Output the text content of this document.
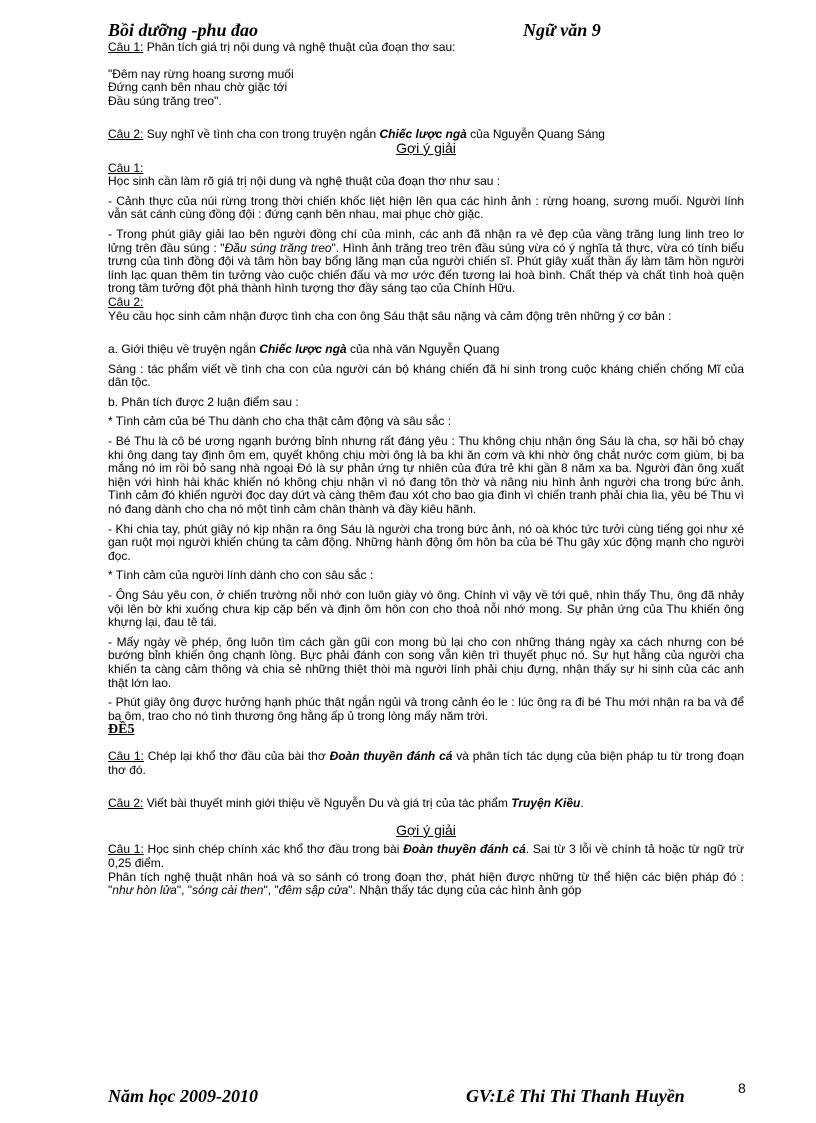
Bồi dưỡng -phu đao	Ngữ văn 9

Câu 1: Phân tích giá trị nội dung và nghệ thuật của đoạn thơ sau:

"Đêm nay rừng hoang sương muối

Đứng cạnh bên nhau chờ giặc tới

Đầu súng trăng treo".

Câu 2: Suy nghĩ về tình cha con trong truyện ngắn Chiếc lược ngà của Nguyễn Quang Sáng

Gợi ý giải

Câu 1:

Học sinh cần làm rõ giá trị nội dung và nghệ thuật của đoạn thơ như sau :

- Cảnh thực của núi rừng trong thời chiến khốc liệt hiện lên qua các hình ảnh : rừng hoang, sương muối. Người lính vẫn sát cánh cùng đồng đội : đứng cạnh bên nhau, mai phục chờ giặc.

- Trong phút giây giải lao bên người đồng chí của mình, các anh đã nhận ra vẻ đẹp của vầng trăng lung linh treo lơ lửng trên đầu súng : "Đầu súng trăng treo". Hình ảnh trăng treo trên đầu súng vừa có ý nghĩa tả thực, vừa có tính biểu trưng của tình đồng đội và tâm hồn bay bổng lãng mạn của người chiến sĩ. Phút giây xuất thần ấy làm tâm hồn người lính lạc quan thêm tin tưởng vào cuộc chiến đấu và mơ ước đến tương lai hoà bình. Chất thép và chất tình hoà quện trong tâm tưởng đột phá thành hình tượng thơ đầy sáng tạo của Chính Hữu.

Câu 2:

Yêu cầu học sinh cảm nhận được tình cha con ông Sáu thật sâu nặng và cảm động trên những ý cơ bản :

a. Giới thiệu về truyện ngắn Chiếc lược ngà của nhà văn Nguyễn Quang

Sáng : tác phẩm viết về tình cha con của người cán bộ kháng chiến đã hi sinh trong cuộc kháng chiến chống Mĩ của dân tộc.

b. Phân tích được 2 luận điểm sau :

* Tình cảm của bé Thu dành cho cha thật cảm động và sâu sắc :

- Bé Thu là cô bé ương ngạnh bướng bỉnh nhưng rất đáng yêu : Thu không chịu nhận ông Sáu là cha, sợ hãi bỏ chạy khi ông dang tay định ôm em, quyết không chịu mời ông là ba khi ăn cơm và khi nhờ ông chắt nước cơm giùm, bị ba mắng nó im rồi bỏ sang nhà ngoại Đó là sự phản ứng tự nhiên của đứa trẻ khi gần 8 năm xa ba. Người đàn ông xuất hiện với hình hài khác khiến nó không chịu nhận vì nó đang tôn thờ và nâng niu hình ảnh người cha trong bức ảnh. Tình cảm đó khiến người đọc day dứt và càng thêm đau xót cho bao gia đình vì chiến tranh phải chia lìa, yêu bé Thu vì nó đang dành cho cha nó một tình cảm chân thành và đầy kiêu hãnh.

- Khi chia tay, phút giây nó kịp nhận ra ông Sáu là người cha trong bức ảnh, nó oà khóc tức tưởi cùng tiếng gọi như xé gan ruột mọi người khiến chúng ta cảm động. Những hành động ôm hôn ba của bé Thu gây xúc động mạnh cho người đọc.

* Tình cảm của người lính dành cho con sâu sắc :

- Ông Sáu yêu con, ở chiến trường nỗi nhớ con luôn giày vò ông. Chính vì vậy về tới quê, nhìn thấy Thu, ông đã nhảy vội lên bờ khi xuống chưa kịp cặp bến và định ôm hôn con cho thoả nỗi nhớ mong. Sự phản ứng của Thu khiến ông khựng lại, đau tê tái.

- Mấy ngày về phép, ông luôn tìm cách gần gũi con mong bù lại cho con những tháng ngày xa cách nhưng con bé bướng bỉnh khiến ông chạnh lòng. Bực phải đánh con song vẫn kiên trì thuyết phục nó. Sự hụt hẫng của người cha khiến ta càng cảm thông và chia sẻ những thiệt thòi mà người lính phải chịu đựng, nhận thấy sự hi sinh của các anh thật lớn lao.

- Phút giây ông được hưởng hạnh phúc thật ngắn ngủi và trong cảnh éo le : lúc ông ra đi bé Thu mới nhận ra ba và để ba ôm, trao cho nó tình thương ông hằng ấp ủ trong lòng mấy năm trời.

ĐỀ5

Câu 1: Chép lại khổ thơ đầu của bài thơ Đoàn thuyền đánh cá và phân tích tác dụng của biện pháp tu từ trong đoạn thơ đó.

Câu 2: Viết bài thuyết minh giới thiệu về Nguyễn Du và giá trị của tác phẩm Truyện Kiều.

Gợi ý giải

Câu 1: Học sinh chép chính xác khổ thơ đầu trong bài Đoàn thuyền đánh cá. Sai từ 3 lỗi về chính tả hoặc từ ngữ trừ 0,25 điểm.

Phân tích nghệ thuật nhân hoá và so sánh có trong đoạn thơ, phát hiện được những từ thể hiện các biện pháp đó : "như hòn lửa", "sóng cài then", "đêm sập cửa". Nhận thấy tác dụng của các hình ảnh góp

Năm học 2009-2010	GV:Lê Thi Thi Thanh Huyền	8
